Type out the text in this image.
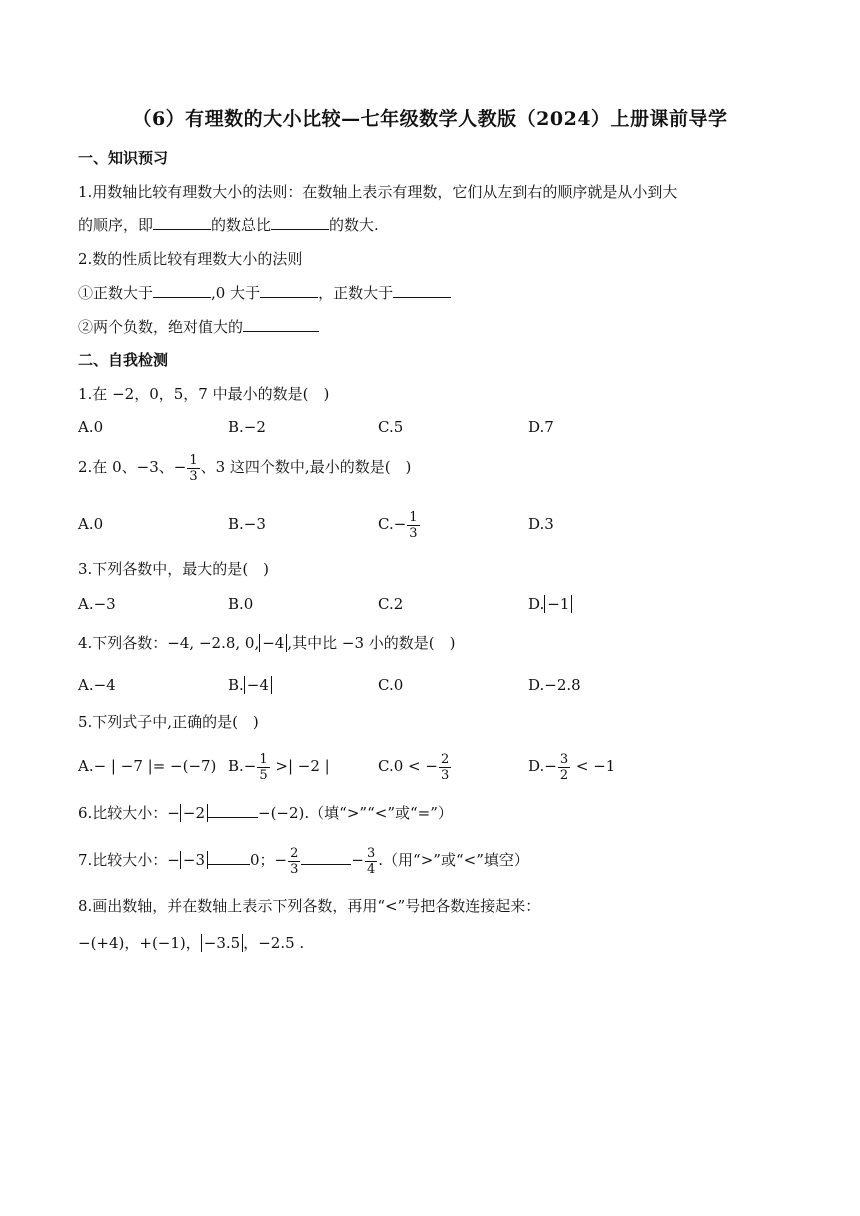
（6）有理数的大小比较—七年级数学人教版（2024）上册课前导学
一、知识预习
1.用数轴比较有理数大小的法则：在数轴上表示有理数，它们从左到右的顺序就是从小到大
的顺序，即	的数总比	的数大.
2.数的性质比较有理数大小的法则
①正数大于	,0 大于	，正数大于
②两个负数，绝对值大的
二、自我检测
1.在 −2，0，5，7 中最小的数是(　)
A.0	B.−2	C.5	D.7
2.在 0、−3、− $\frac{1}{3}$ 、3 这四个数中,最小的数是(　)
A.0	B.−3	$C.- \frac{1}{3}$	D.3
3.下列各数中，最大的是(　)
A.−3	B.0	C.2	D. −1
4.下列各数：−4, −2.8, 0, −4 ,其中比 −3 小的数是(　)
A.−4	B. −4	C.0	D.−2.8
5.下列式子中,正确的是(　)
A.− | −7 |= −(−7) $B.- \frac{1}{5}$ >| −2 |	C.0 < − $\frac{2}{3}$	$D.- \frac{3}{2} < -1$
6.比较大小：− −2	−(−2).（填“>”“<”或“=”）
7.比较大小：− −3	0；− $\frac{2}{3}$	− $\frac{3}{4}$ .（用“>”或“<”填空）
8.画出数轴，并在数轴上表示下列各数，再用“<”号把各数连接起来：
−(+4)，+(−1)， −3.5 ，−2.5 .
